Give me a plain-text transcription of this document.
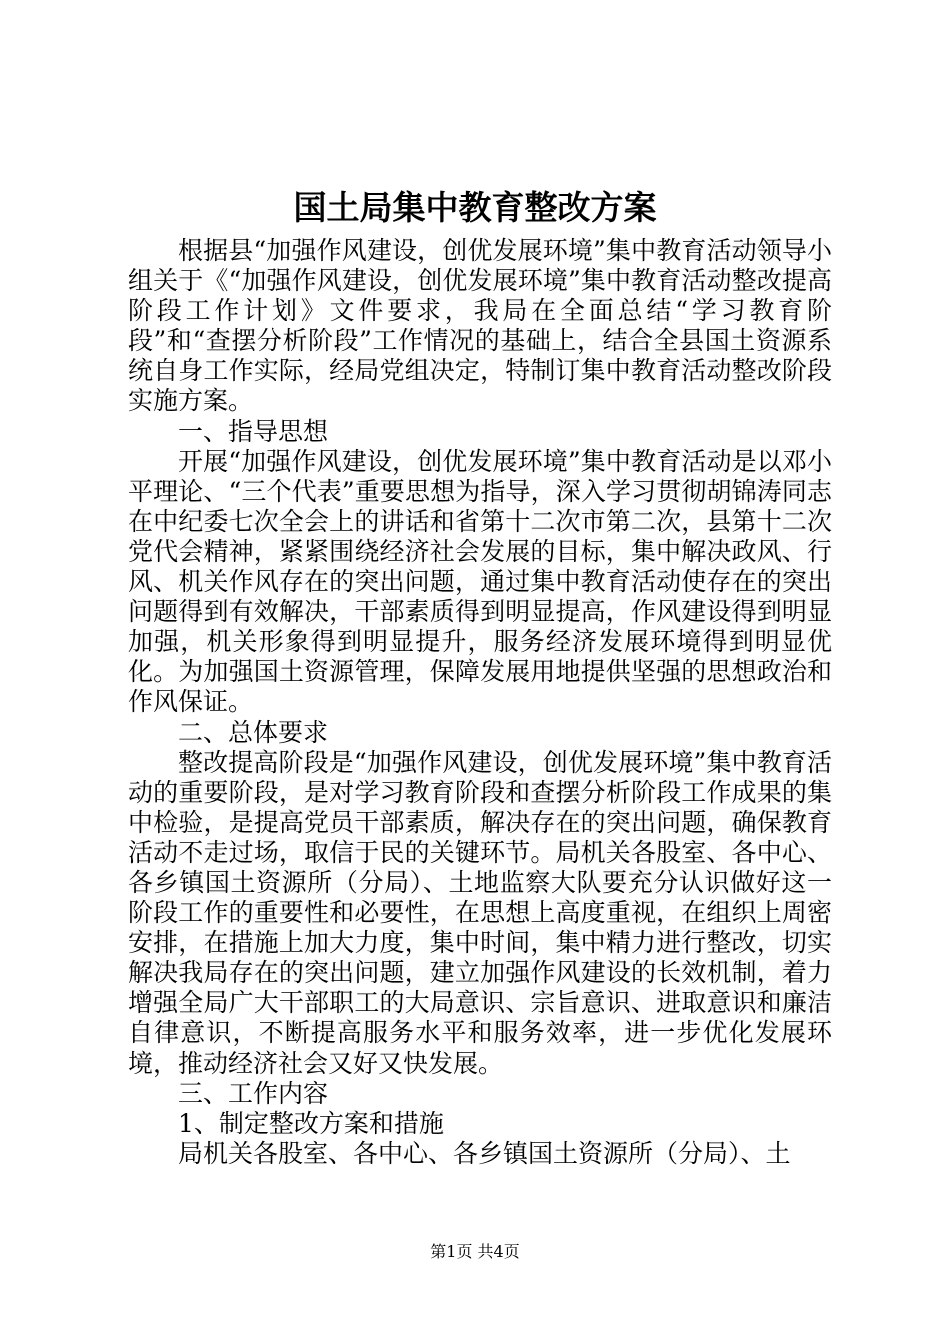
国土局集中教育整改方案

根据县“加强作风建设，创优发展环境”集中教育活动领导小组关于《“加强作风建设，创优发展环境”集中教育活动整改提高阶段工作计划》文件要求，我局在全面总结“学习教育阶段”和“查摆分析阶段”工作情况的基础上，结合全县国土资源系统自身工作实际，经局党组决定，特制订集中教育活动整改阶段实施方案。

一、指导思想

开展“加强作风建设，创优发展环境”集中教育活动是以邓小平理论、“三个代表”重要思想为指导，深入学习贯彻胡锦涛同志在中纪委七次全会上的讲话和省第十二次市第二次，县第十二次党代会精神，紧紧围绕经济社会发展的目标，集中解决政风、行风、机关作风存在的突出问题，通过集中教育活动使存在的突出问题得到有效解决，干部素质得到明显提高，作风建设得到明显加强，机关形象得到明显提升，服务经济发展环境得到明显优化。为加强国土资源管理，保障发展用地提供坚强的思想政治和作风保证。

二、总体要求

整改提高阶段是“加强作风建设，创优发展环境”集中教育活动的重要阶段，是对学习教育阶段和查摆分析阶段工作成果的集中检验，是提高党员干部素质，解决存在的突出问题，确保教育活动不走过场，取信于民的关键环节。局机关各股室、各中心、各乡镇国土资源所（分局）、土地监察大队要充分认识做好这一阶段工作的重要性和必要性，在思想上高度重视，在组织上周密安排，在措施上加大力度，集中时间，集中精力进行整改，切实解决我局存在的突出问题，建立加强作风建设的长效机制，着力增强全局广大干部职工的大局意识、宗旨意识、进取意识和廉洁自律意识，不断提高服务水平和服务效率，进一步优化发展环境，推动经济社会又好又快发展。

三、工作内容

1、制定整改方案和措施

局机关各股室、各中心、各乡镇国土资源所（分局）、土

第1页 共4页
